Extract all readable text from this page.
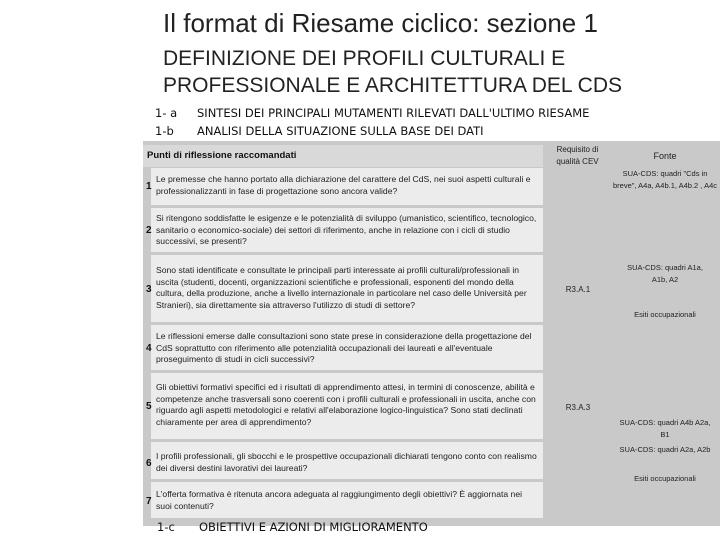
Il format di Riesame ciclico: sezione 1
DEFINIZIONE DEI PROFILI CULTURALI E PROFESSIONALE E ARCHITETTURA DEL CDS
1- a SINTESI DEI PRINCIPALI MUTAMENTI RILEVATI DALL'ULTIMO RIESAME
1-b ANALISI DELLA SITUAZIONE SULLA BASE DEI DATI
Punti di riflessione raccomandati
Requisito di qualità CEV
Fonte
1
Le premesse che hanno portato alla dichiarazione del carattere del CdS, nei suoi aspetti culturali e professionalizzanti in fase di progettazione sono ancora valide?
2
Si ritengono soddisfatte le esigenze e le potenzialità di sviluppo (umanistico, scientifico, tecnologico, sanitario o economico-sociale) dei settori di riferimento, anche in relazione con i cicli di studio successivi, se presenti?
3
Sono stati identificate e consultate le principali parti interessate ai profili culturali/professionali in uscita (studenti, docenti, organizzazioni scientifiche e professionali, esponenti del mondo della cultura, della produzione, anche a livello internazionale in particolare nel caso delle Università per Stranieri), sia direttamente sia attraverso l'utilizzo di studi di settore?
4
Le riflessioni emerse dalle consultazioni sono state prese in considerazione della progettazione del CdS soprattutto con riferimento alle potenzialità occupazionali dei laureati e all'eventuale proseguimento di studi in cicli successivi?
5
Gli obiettivi formativi specifici ed i risultati di apprendimento attesi, in termini di conoscenze, abilità e competenze anche trasversali sono coerenti con i profili culturali e professionali in uscita, anche con riguardo agli aspetti metodologici e relativi all'elaborazione logico-linguistica? Sono stati declinati chiaramente per area di apprendimento?
6
I profili professionali, gli sbocchi e le prospettive occupazionali dichiarati tengono conto con realismo dei diversi destini lavorativi dei laureati?
7
L'offerta formativa è ritenuta ancora adeguata al raggiungimento degli obiettivi? È aggiornata nei suoi contenuti?
R3.A.1
R3.A.3
SUA-CDS: quadri "Cds in breve", A4a, A4b.1, A4b.2 , A4c
SUA-CDS: quadri A1a, A1b, A2
Esiti occupazionali
SUA-CDS: quadri A4b A2a, B1
SUA-CDS: quadri A2a, A2b
Esiti occupazionali
1-c OBIETTIVI E AZIONI DI MIGLIORAMENTO
